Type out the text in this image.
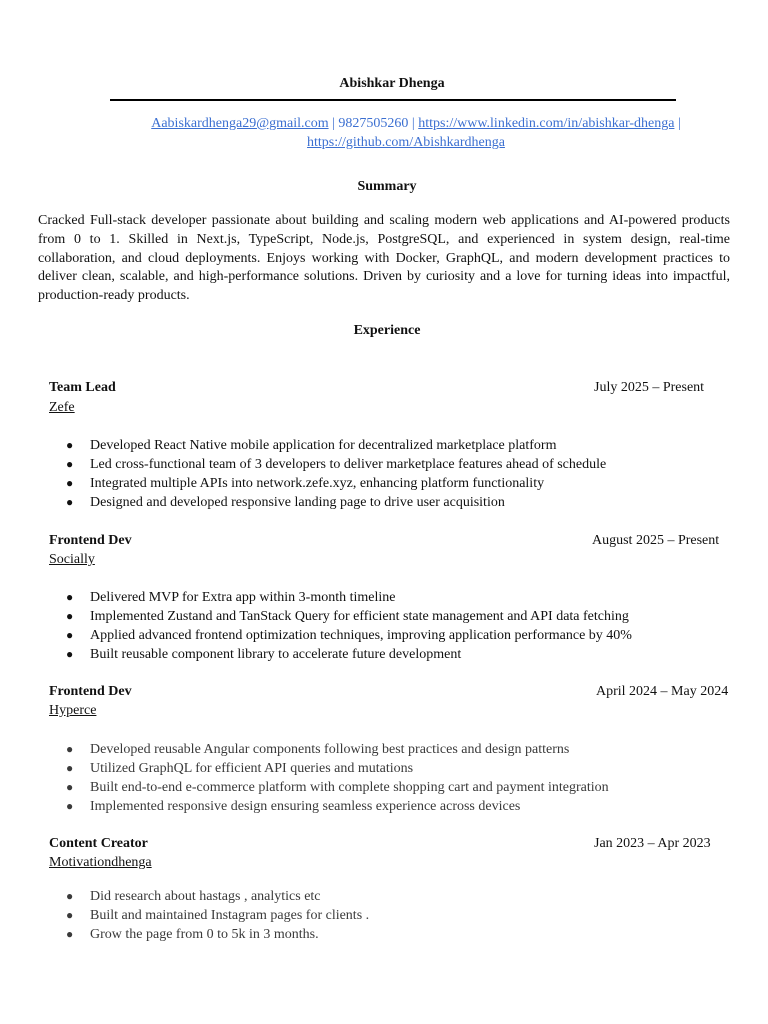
Abishkar Dhenga
Aabiskardhenga29@gmail.com | 9827505260 | https://www.linkedin.com/in/abishkar-dhenga |
https://github.com/Abishkardhenga
Summary
Cracked Full-stack developer passionate about building and scaling modern web applications and AI-powered products from 0 to 1. Skilled in Next.js, TypeScript, Node.js, PostgreSQL, and experienced in system design, real-time collaboration, and cloud deployments. Enjoys working with Docker, GraphQL, and modern development practices to deliver clean, scalable, and high-performance solutions. Driven by curiosity and a love for turning ideas into impactful, production-ready products.
Experience
Team Lead	July 2025 – Present
Zefe
● Developed React Native mobile application for decentralized marketplace platform
● Led cross-functional team of 3 developers to deliver marketplace features ahead of schedule
● Integrated multiple APIs into network.zefe.xyz, enhancing platform functionality
● Designed and developed responsive landing page to drive user acquisition
Frontend Dev	August 2025 – Present
Socially
● Delivered MVP for Extra app within 3-month timeline
● Implemented Zustand and TanStack Query for efficient state management and API data fetching
● Applied advanced frontend optimization techniques, improving application performance by 40%
● Built reusable component library to accelerate future development
Frontend Dev	April 2024 – May 2024
Hyperce
● Developed reusable Angular components following best practices and design patterns
● Utilized GraphQL for efficient API queries and mutations
● Built end-to-end e-commerce platform with complete shopping cart and payment integration
● Implemented responsive design ensuring seamless experience across devices
Content Creator	Jan 2023 – Apr 2023
Motivationdhenga
● Did research about hastags , analytics etc
● Built and maintained Instagram pages for clients .
● Grow the page from 0 to 5k in 3 months.
